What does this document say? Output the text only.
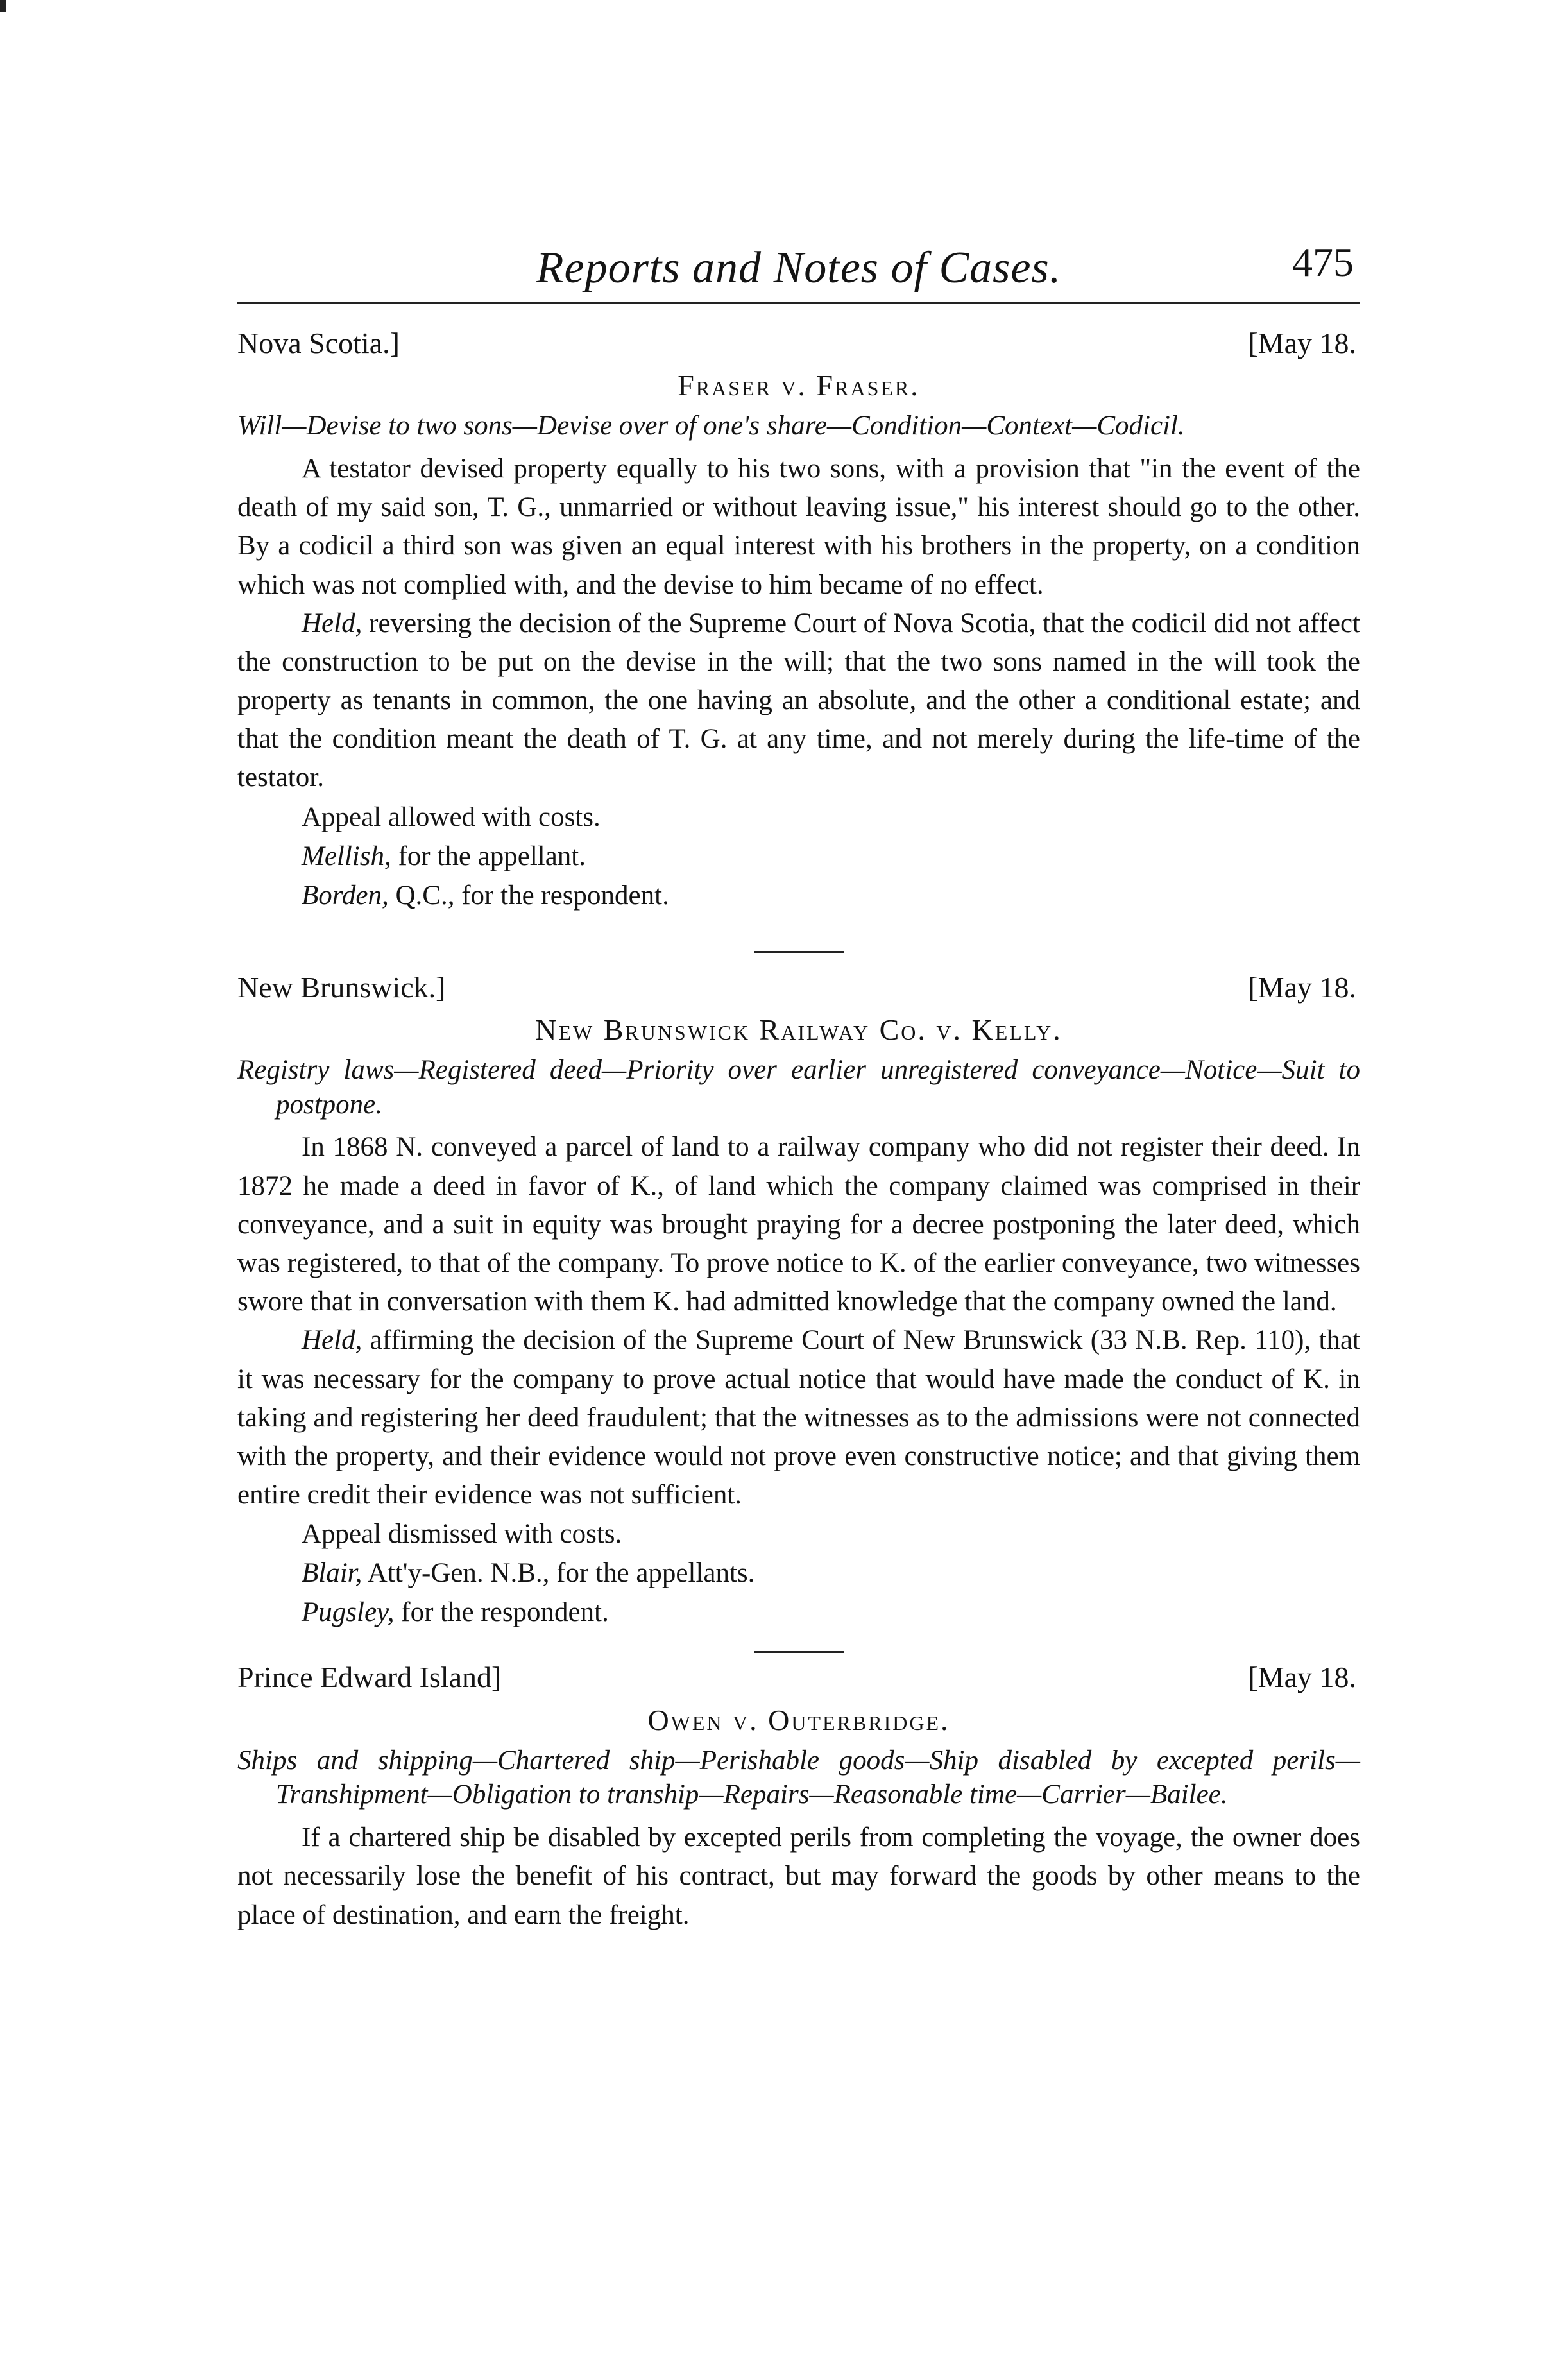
Reports and Notes of Cases.	475
Nova Scotia.]	[May 18.
Fraser v. Fraser.

Will—Devise to two sons—Devise over of one's share—Condition—Context—Codicil.

A testator devised property equally to his two sons, with a provision that "in the event of the death of my said son, T. G., unmarried or without leaving issue," his interest should go to the other. By a codicil a third son was given an equal interest with his brothers in the property, on a condition which was not complied with, and the devise to him became of no effect.

Held, reversing the decision of the Supreme Court of Nova Scotia, that the codicil did not affect the construction to be put on the devise in the will; that the two sons named in the will took the property as tenants in common, the one having an absolute, and the other a conditional estate; and that the condition meant the death of T. G. at any time, and not merely during the life-time of the testator.

Appeal allowed with costs.

Mellish, for the appellant.

Borden, Q.C., for the respondent.

New Brunswick.]	[May 18.
New Brunswick Railway Co. v. Kelly.

Registry laws—Registered deed—Priority over earlier unregistered conveyance—Notice—Suit to postpone.

In 1868 N. conveyed a parcel of land to a railway company who did not register their deed. In 1872 he made a deed in favor of K., of land which the company claimed was comprised in their conveyance, and a suit in equity was brought praying for a decree postponing the later deed, which was registered, to that of the company. To prove notice to K. of the earlier conveyance, two witnesses swore that in conversation with them K. had admitted knowledge that the company owned the land.

Held, affirming the decision of the Supreme Court of New Brunswick (33 N.B. Rep. 110), that it was necessary for the company to prove actual notice that would have made the conduct of K. in taking and registering her deed fraudulent; that the witnesses as to the admissions were not connected with the property, and their evidence would not prove even constructive notice; and that giving them entire credit their evidence was not sufficient.

Appeal dismissed with costs.

Blair, Att'y-Gen. N.B., for the appellants.

Pugsley, for the respondent.

Prince Edward Island]	[May 18.
Owen v. Outerbridge.

Ships and shipping—Chartered ship—Perishable goods—Ship disabled by excepted perils—Transhipment—Obligation to tranship—Repairs—Reasonable time—Carrier—Bailee.

If a chartered ship be disabled by excepted perils from completing the voyage, the owner does not necessarily lose the benefit of his contract, but may forward the goods by other means to the place of destination, and earn the freight.
